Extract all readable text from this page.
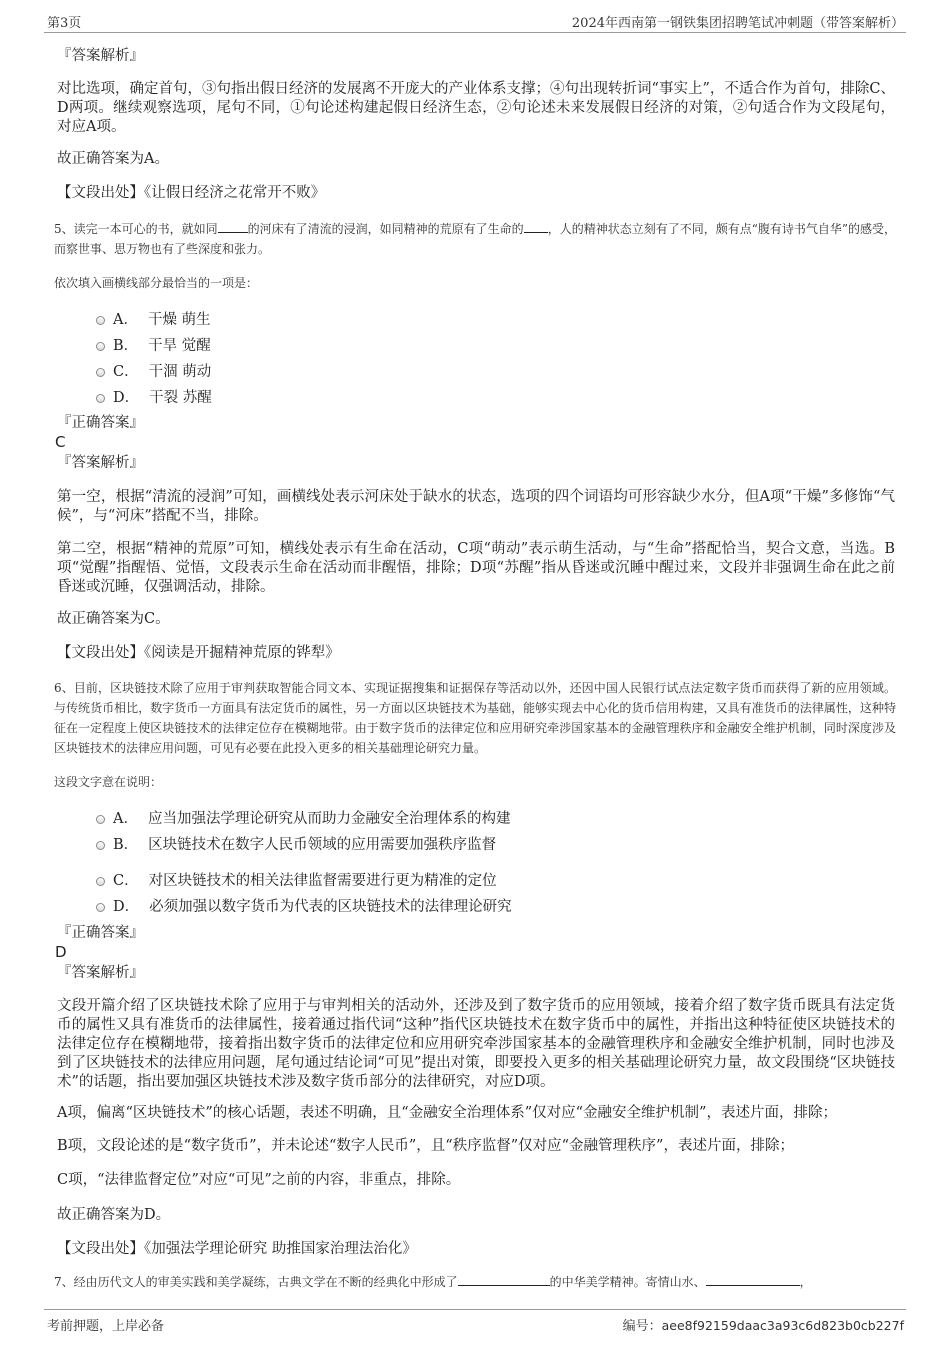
第3页	2024年西南第一钢铁集团招聘笔试冲刺题（带答案解析）
『答案解析』
对比选项，确定首句，③句指出假日经济的发展离不开庞大的产业体系支撑；④句出现转折词“事实上”，不适合作为首句，排除C、D两项。继续观察选项，尾句不同，①句论述构建起假日经济生态，②句论述未来发展假日经济的对策，②句适合作为文段尾句，对应A项。
故正确答案为A。
【文段出处】《让假日经济之花常开不败》
5、读完一本可心的书，就如同	的河床有了清流的浸润，如同精神的荒原有了生命的 ，人的精神状态立刻有了不同，颇有点“腹有诗书气自华”的感受，而察世事、思万物也有了些深度和张力。
依次填入画横线部分最恰当的一项是：
A． 干燥 萌生
B． 干旱 觉醒
C． 干涸 萌动
D． 干裂 苏醒
『正确答案』
C
『答案解析』
第一空，根据“清流的浸润”可知，画横线处表示河床处于缺水的状态，选项的四个词语均可形容缺少水分，但A项“干燥”多修饰“气候”，与“河床”搭配不当，排除。
第二空，根据“精神的荒原”可知，横线处表示有生命在活动，C项“萌动”表示萌生活动，与“生命”搭配恰当，契合文意，当选。B项“觉醒”指醒悟、觉悟，文段表示生命在活动而非醒悟，排除；D项“苏醒”指从昏迷或沉睡中醒过来，文段并非强调生命在此之前昏迷或沉睡，仅强调活动，排除。
故正确答案为C。
【文段出处】《阅读是开掘精神荒原的铧犁》
6、目前，区块链技术除了应用于审判获取智能合同文本、实现证据搜集和证据保存等活动以外，还因中国人民银行试点法定数字货币而获得了新的应用领域。与传统货币相比，数字货币一方面具有法定货币的属性，另一方面以区块链技术为基础，能够实现去中心化的货币信用构建，又具有准货币的法律属性，这种特征在一定程度上使区块链技术的法律定位存在模糊地带。由于数字货币的法律定位和应用研究牵涉国家基本的金融管理秩序和金融安全维护机制，同时深度涉及区块链技术的法律应用问题，可见有必要在此投入更多的相关基础理论研究力量。
这段文字意在说明：
A． 应当加强法学理论研究从而助力金融安全治理体系的构建
B． 区块链技术在数字人民币领域的应用需要加强秩序监督
C． 对区块链技术的相关法律监督需要进行更为精准的定位
D． 必须加强以数字货币为代表的区块链技术的法律理论研究
『正确答案』
D
『答案解析』
文段开篇介绍了区块链技术除了应用于与审判相关的活动外，还涉及到了数字货币的应用领域，接着介绍了数字货币既具有法定货币的属性又具有准货币的法律属性，接着通过指代词“这种”指代区块链技术在数字货币中的属性，并指出这种特征使区块链技术的法律定位存在模糊地带，接着指出数字货币的法律定位和应用研究牵涉国家基本的金融管理秩序和金融安全维护机制，同时也涉及到了区块链技术的法律应用问题，尾句通过结论词“可见”提出对策，即要投入更多的相关基础理论研究力量，故文段围绕“区块链技术”的话题，指出要加强区块链技术涉及数字货币部分的法律研究，对应D项。
A项，偏离“区块链技术”的核心话题，表述不明确，且“金融安全治理体系”仅对应“金融安全维护机制”，表述片面，排除；
B项，文段论述的是“数字货币”，并未论述“数字人民币”，且“秩序监督”仅对应“金融管理秩序”，表述片面，排除；
C项，“法律监督定位”对应“可见”之前的内容，非重点，排除。
故正确答案为D。
【文段出处】《加强法学理论研究 助推国家治理法治化》
7、经由历代文人的审美实践和美学凝练，古典文学在不断的经典化中形成了	的中华美学精神。寄情山水、	，
考前押题，上岸必备	编号：aee8f92159daac3a93c6d823b0cb227f
